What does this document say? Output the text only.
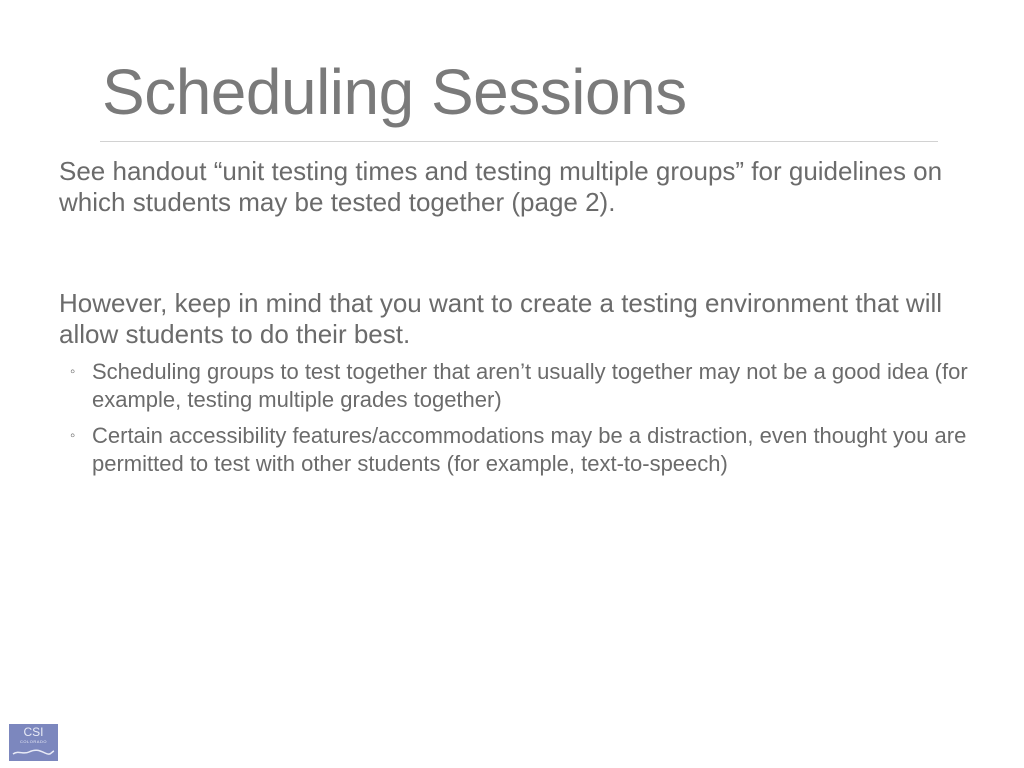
Scheduling Sessions

See handout “unit testing times and testing multiple groups” for guidelines on which students may be tested together (page 2).

However, keep in mind that you want to create a testing environment that will allow students to do their best.

◦ Scheduling groups to test together that aren’t usually together may not be a good idea (for example, testing multiple grades together)
◦ Certain accessibility features/accommodations may be a distraction, even thought you are permitted to test with other students (for example, text-to-speech)
CSI
COLORADO
